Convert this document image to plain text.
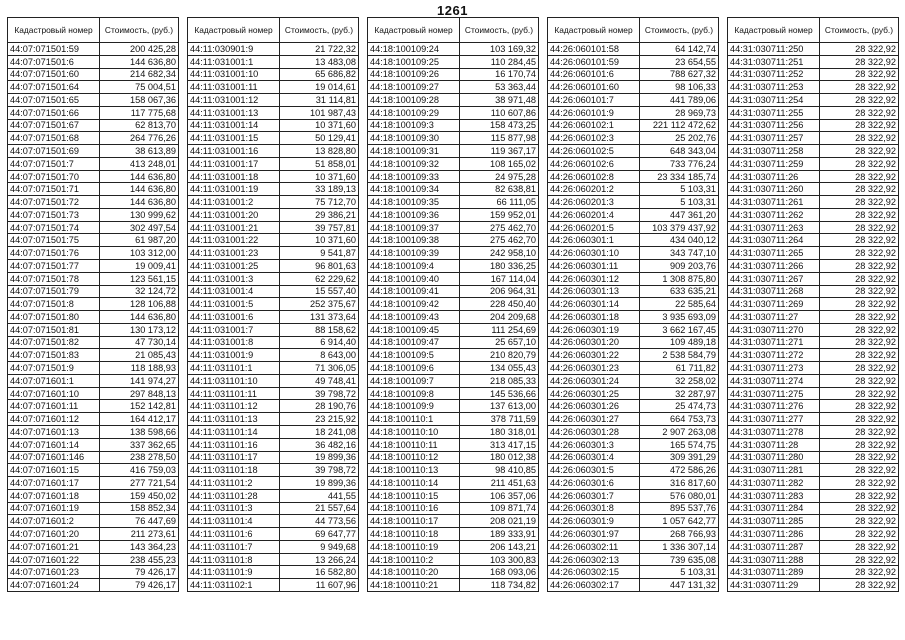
1261
Кадастровый номер	Стоимость, (руб.)
44:07:071501:59	200 425,28
44:07:071501:6	144 636,80
44:07:071501:60	214 682,34
44:07:071501:64	75 004,51
44:07:071501:65	158 067,36
44:07:071501:66	117 775,68
44:07:071501:67	62 813,70
44:07:071501:68	264 776,26
44:07:071501:69	38 613,89
44:07:071501:7	413 248,01
44:07:071501:70	144 636,80
44:07:071501:71	144 636,80
44:07:071501:72	144 636,80
44:07:071501:73	130 999,62
44:07:071501:74	302 497,54
44:07:071501:75	61 987,20
44:07:071501:76	103 312,00
44:07:071501:77	19 009,41
44:07:071501:78	123 561,15
44:07:071501:79	32 124,72
44:07:071501:8	128 106,88
44:07:071501:80	144 636,80
44:07:071501:81	130 173,12
44:07:071501:82	47 730,14
44:07:071501:83	21 085,43
44:07:071501:9	118 188,93
44:07:071601:1	141 974,27
44:07:071601:10	297 848,13
44:07:071601:11	152 142,81
44:07:071601:12	164 412,17
44:07:071601:13	138 598,66
44:07:071601:14	337 362,65
44:07:071601:146	238 278,50
44:07:071601:15	416 759,03
44:07:071601:17	277 721,54
44:07:071601:18	159 450,02
44:07:071601:19	158 852,34
44:07:071601:2	76 447,69
44:07:071601:20	211 273,61
44:07:071601:21	143 364,23
44:07:071601:22	238 455,23
44:07:071601:23	79 426,17
44:07:071601:24	79 426,17
Кадастровый номер	Стоимость, (руб.)
44:11:030901:9	21 722,32
44:11:031001:1	13 483,08
44:11:031001:10	65 686,82
44:11:031001:11	19 014,61
44:11:031001:12	31 114,81
44:11:031001:13	101 987,43
44:11:031001:14	10 371,60
44:11:031001:15	50 129,41
44:11:031001:16	13 828,80
44:11:031001:17	51 858,01
44:11:031001:18	10 371,60
44:11:031001:19	33 189,13
44:11:031001:2	75 712,70
44:11:031001:20	29 386,21
44:11:031001:21	39 757,81
44:11:031001:22	10 371,60
44:11:031001:23	9 541,87
44:11:031001:25	96 801,63
44:11:031001:3	62 229,62
44:11:031001:4	15 557,40
44:11:031001:5	252 375,67
44:11:031001:6	131 373,64
44:11:031001:7	88 158,62
44:11:031001:8	6 914,40
44:11:031001:9	8 643,00
44:11:031101:1	71 306,05
44:11:031101:10	49 748,41
44:11:031101:11	39 798,72
44:11:031101:12	28 190,76
44:11:031101:13	23 215,92
44:11:031101:14	18 241,08
44:11:031101:16	36 482,16
44:11:031101:17	19 899,36
44:11:031101:18	39 798,72
44:11:031101:2	19 899,36
44:11:031101:28	441,55
44:11:031101:3	21 557,64
44:11:031101:4	44 773,56
44:11:031101:6	69 647,77
44:11:031101:7	9 949,68
44:11:031101:8	13 266,24
44:11:031101:9	16 582,80
44:11:031102:1	11 607,96
Кадастровый номер	Стоимость, (руб.)
44:18:100109:24	103 169,32
44:18:100109:25	110 284,45
44:18:100109:26	16 170,74
44:18:100109:27	53 363,44
44:18:100109:28	38 971,48
44:18:100109:29	110 607,86
44:18:100109:3	158 473,25
44:18:100109:30	115 877,98
44:18:100109:31	119 367,17
44:18:100109:32	108 165,02
44:18:100109:33	24 975,28
44:18:100109:34	82 638,81
44:18:100109:35	66 111,05
44:18:100109:36	159 952,01
44:18:100109:37	275 462,70
44:18:100109:38	275 462,70
44:18:100109:39	242 958,10
44:18:100109:4	180 336,25
44:18:100109:40	167 114,04
44:18:100109:41	206 964,31
44:18:100109:42	228 450,40
44:18:100109:43	204 209,68
44:18:100109:45	111 254,69
44:18:100109:47	25 657,10
44:18:100109:5	210 820,79
44:18:100109:6	134 055,43
44:18:100109:7	218 085,33
44:18:100109:8	145 536,66
44:18:100109:9	137 613,00
44:18:100110:1	378 711,59
44:18:100110:10	180 318,01
44:18:100110:11	313 417,15
44:18:100110:12	180 012,38
44:18:100110:13	98 410,85
44:18:100110:14	211 451,63
44:18:100110:15	106 357,06
44:18:100110:16	109 871,74
44:18:100110:17	208 021,19
44:18:100110:18	189 333,91
44:18:100110:19	206 143,21
44:18:100110:2	103 300,83
44:18:100110:20	168 093,06
44:18:100110:21	118 734,82
Кадастровый номер	Стоимость, (руб.)
44:26:060101:58	64 142,74
44:26:060101:59	23 654,55
44:26:060101:6	788 627,32
44:26:060101:60	98 106,33
44:26:060101:7	441 789,06
44:26:060101:9	28 969,73
44:26:060102:1	221 112 472,62
44:26:060102:3	25 202,76
44:26:060102:5	648 343,04
44:26:060102:6	733 776,24
44:26:060102:8	23 334 185,74
44:26:060201:2	5 103,31
44:26:060201:3	5 103,31
44:26:060201:4	447 361,20
44:26:060201:5	103 379 437,92
44:26:060301:1	434 040,12
44:26:060301:10	343 747,10
44:26:060301:11	909 203,76
44:26:060301:12	1 308 875,80
44:26:060301:13	633 635,21
44:26:060301:14	22 585,64
44:26:060301:18	3 935 693,09
44:26:060301:19	3 662 167,45
44:26:060301:20	109 489,18
44:26:060301:22	2 538 584,79
44:26:060301:23	61 711,82
44:26:060301:24	32 258,02
44:26:060301:25	32 287,97
44:26:060301:26	25 474,73
44:26:060301:27	664 753,73
44:26:060301:28	2 907 263,08
44:26:060301:3	165 574,75
44:26:060301:4	309 391,29
44:26:060301:5	472 586,26
44:26:060301:6	316 817,60
44:26:060301:7	576 080,01
44:26:060301:8	895 537,76
44:26:060301:9	1 057 642,77
44:26:060301:97	268 766,93
44:26:060302:11	1 336 307,14
44:26:060302:13	739 635,08
44:26:060302:15	5 103,31
44:26:060302:17	447 131,32
Кадастровый номер	Стоимость, (руб.)
44:31:030711:250	28 322,92
44:31:030711:251	28 322,92
44:31:030711:252	28 322,92
44:31:030711:253	28 322,92
44:31:030711:254	28 322,92
44:31:030711:255	28 322,92
44:31:030711:256	28 322,92
44:31:030711:257	28 322,92
44:31:030711:258	28 322,92
44:31:030711:259	28 322,92
44:31:030711:26	28 322,92
44:31:030711:260	28 322,92
44:31:030711:261	28 322,92
44:31:030711:262	28 322,92
44:31:030711:263	28 322,92
44:31:030711:264	28 322,92
44:31:030711:265	28 322,92
44:31:030711:266	28 322,92
44:31:030711:267	28 322,92
44:31:030711:268	28 322,92
44:31:030711:269	28 322,92
44:31:030711:27	28 322,92
44:31:030711:270	28 322,92
44:31:030711:271	28 322,92
44:31:030711:272	28 322,92
44:31:030711:273	28 322,92
44:31:030711:274	28 322,92
44:31:030711:275	28 322,92
44:31:030711:276	28 322,92
44:31:030711:277	28 322,92
44:31:030711:278	28 322,92
44:31:030711:28	28 322,92
44:31:030711:280	28 322,92
44:31:030711:281	28 322,92
44:31:030711:282	28 322,92
44:31:030711:283	28 322,92
44:31:030711:284	28 322,92
44:31:030711:285	28 322,92
44:31:030711:286	28 322,92
44:31:030711:287	28 322,92
44:31:030711:288	28 322,92
44:31:030711:289	28 322,92
44:31:030711:29	28 322,92
